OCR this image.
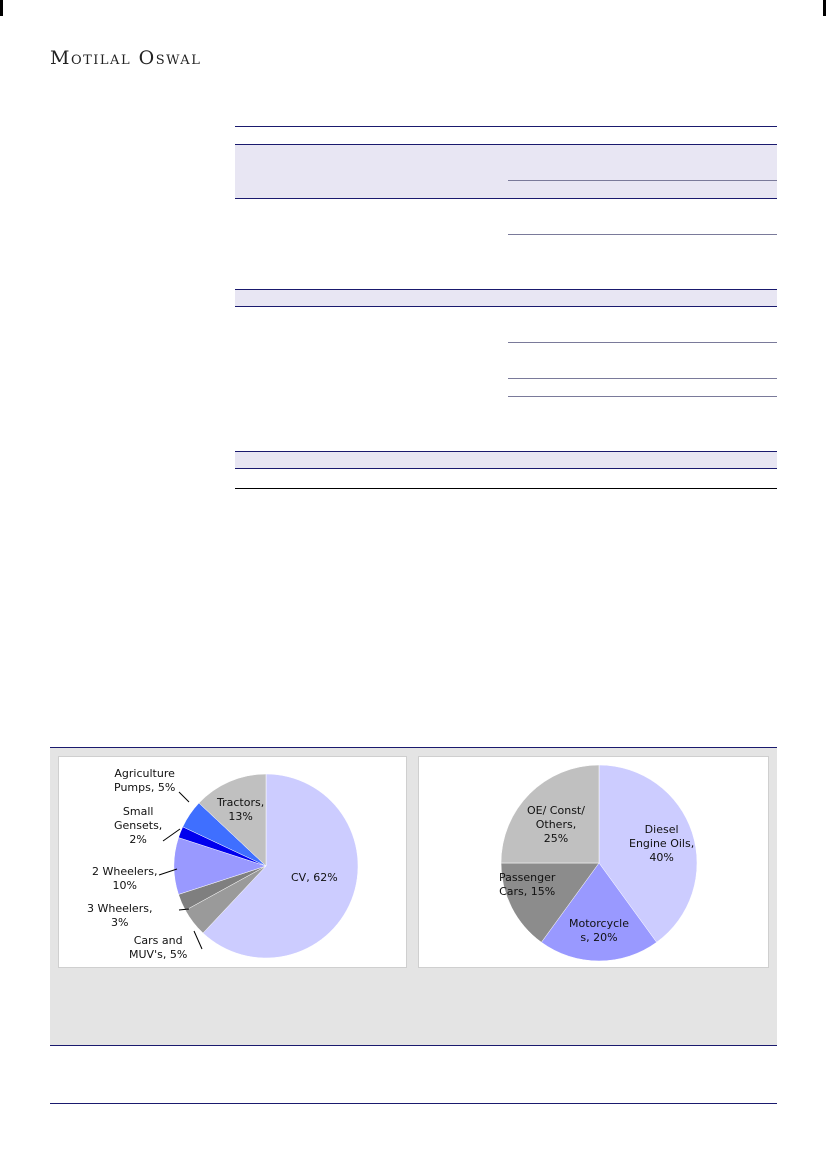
Motilal Oswal
CV, 62%
Tractors,
13%
Agriculture
Pumps, 5%
Small
Gensets,
2%
2 Wheelers,
10%
3 Wheelers,
3%
Cars and
MUV's, 5%
Diesel
Engine Oils,
40%
Motorcycle
s, 20%
Passenger
Cars, 15%
OE/ Const/
Others,
25%
